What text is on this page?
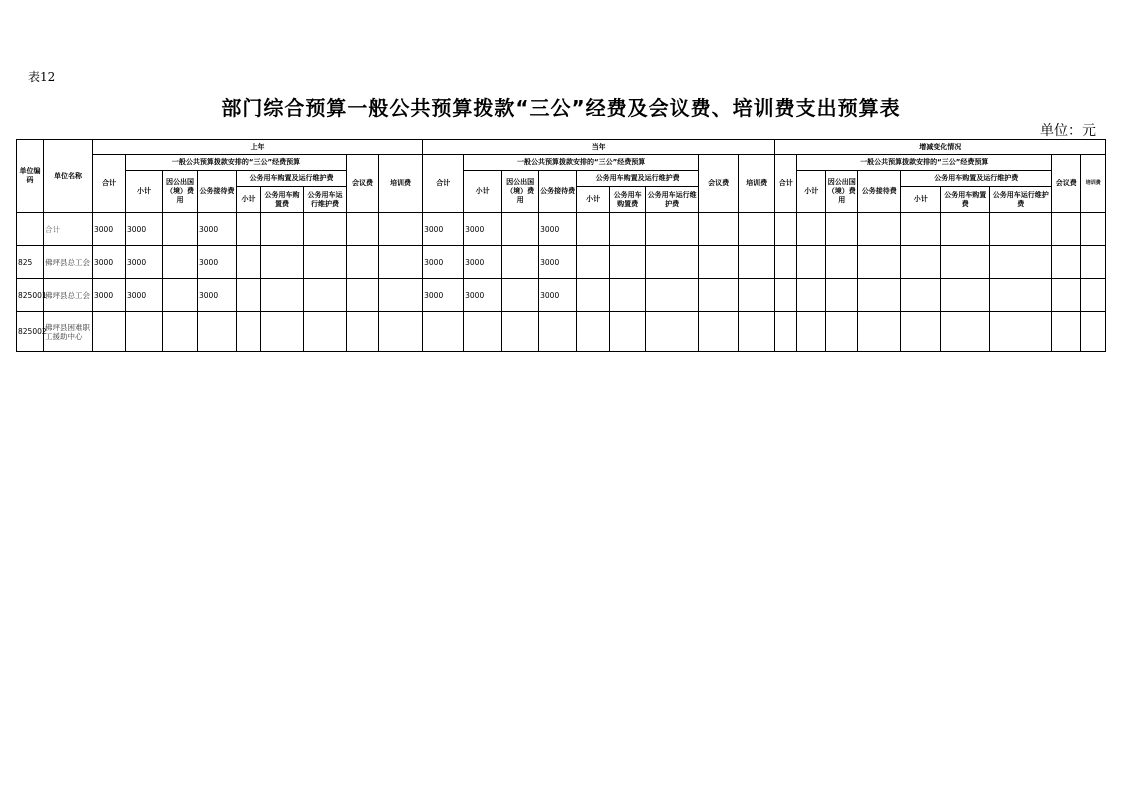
表12
部门综合预算一般公共预算拨款“三公”经费及会议费、培训费支出预算表
单位：元
单位编码	单位名称	上年									当年									增减变化情况								
		合计	一般公共预算拨款安排的“三公”经费预算						会议费	培训费	合计	一般公共预算拨款安排的“三公”经费预算						会议费	培训费	合计	一般公共预算拨款安排的“三公”经费预算						会议费	培训费
			小计	因公出国（境）费用	公务接待费	公务用车购置及运行维护费						小计	因公出国（境）费用	公务接待费	公务用车购置及运行维护费						小计	因公出国（境）费用	公务接待费	公务用车购置及运行维护费				
						小计	公务用车购置费	公务用车运行维护费							小计	公务用车购置费	公务用车运行维护费							小计	公务用车购置费	公务用车运行维护费		
	合计	3000	3000		3000						3000	3000		3000														
825	佛坪县总工会	3000	3000		3000						3000	3000		3000														
825001	佛坪县总工会	3000	3000		3000						3000	3000		3000														
825002	佛坪县困难职工援助中心																											
